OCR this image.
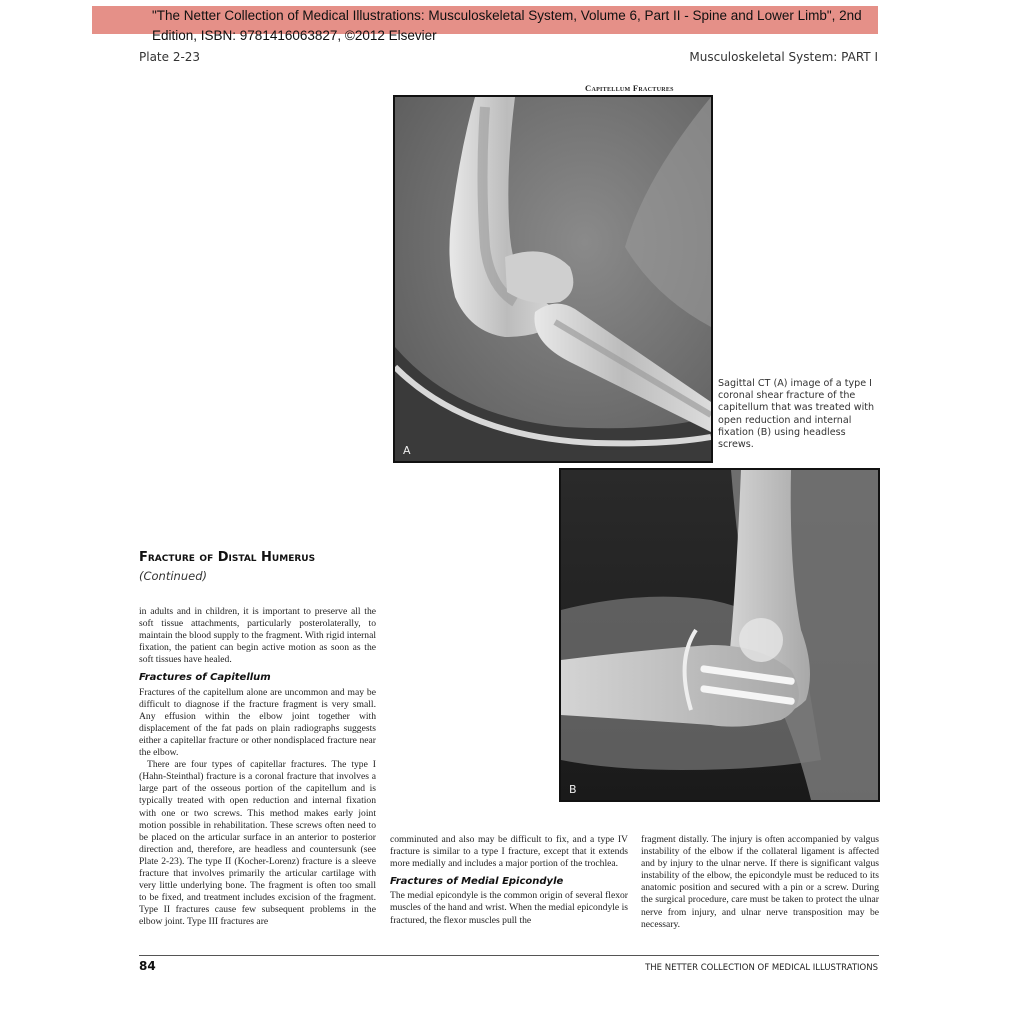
"The Netter Collection of Medical Illustrations: Musculoskeletal System, Volume 6, Part II - Spine and Lower Limb", 2nd
Edition, ISBN: 9781416063827, ©2012 Elsevier
Plate 2-23	Musculoskeletal System: PART I
Capitellum Fractures
A
Sagittal CT (A) image of a type I coronal shear fracture of the capitellum that was treated with open reduction and internal fixation (B) using headless screws.
B
Fracture of Distal Humerus
(Continued)

in adults and in children, it is important to preserve all the soft tissue attachments, particularly posterolaterally, to maintain the blood supply to the fragment. With rigid internal fixation, the patient can begin active motion as soon as the soft tissues have healed.

Fractures of Capitellum

Fractures of the capitellum alone are uncommon and may be difficult to diagnose if the fracture fragment is very small. Any effusion within the elbow joint together with displacement of the fat pads on plain radiographs suggests either a capitellar fracture or other nondisplaced fracture near the elbow.

There are four types of capitellar fractures. The type I (Hahn-Steinthal) fracture is a coronal fracture that involves a large part of the osseous portion of the capitellum and is typically treated with open reduction and internal fixation with one or two screws. This method makes early joint motion possible in rehabilitation. These screws often need to be placed on the articular surface in an anterior to posterior direction and, therefore, are headless and countersunk (see Plate 2-23). The type II (Kocher-Lorenz) fracture is a sleeve fracture that involves primarily the articular cartilage with very little underlying bone. The fragment is often too small to be fixed, and treatment includes excision of the fragment. Type II fractures cause few subsequent problems in the elbow joint. Type III fractures are

comminuted and also may be difficult to fix, and a type IV fracture is similar to a type I fracture, except that it extends more medially and includes a major portion of the trochlea.

Fractures of Medial Epicondyle

The medial epicondyle is the common origin of several flexor muscles of the hand and wrist. When the medial epicondyle is fractured, the flexor muscles pull the

fragment distally. The injury is often accompanied by valgus instability of the elbow if the collateral ligament is affected and by injury to the ulnar nerve. If there is significant valgus instability of the elbow, the epicondyle must be reduced to its anatomic position and secured with a pin or a screw. During the surgical procedure, care must be taken to protect the ulnar nerve from injury, and ulnar nerve transposition may be necessary.

84	THE NETTER COLLECTION OF MEDICAL ILLUSTRATIONS
